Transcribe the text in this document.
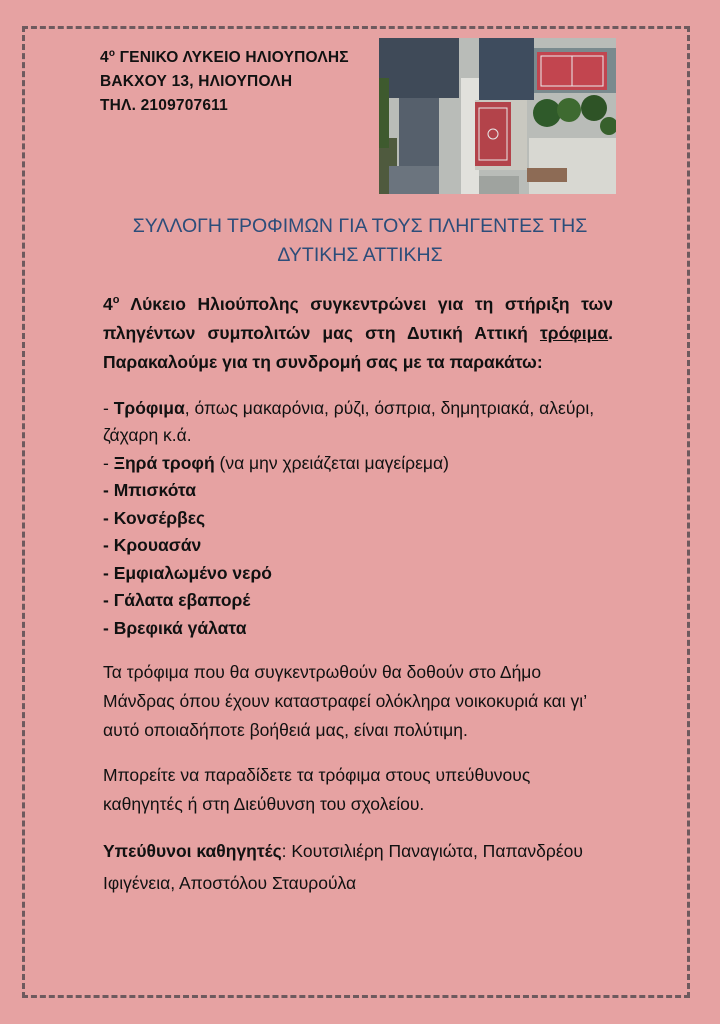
$4^o$ ΓΕΝΙΚΟ ΛΥΚΕΙΟ ΗΛΙΟΥΠΟΛΗΣ
ΒΑΚΧΟΥ 13, ΗΛΙΟΥΠΟΛΗ
ΤΗΛ. 2109707611
ΣΥΛΛΟΓΗ ΤΡΟΦΙΜΩΝ ΓΙΑ ΤΟΥΣ ΠΛΗΓΕΝΤΕΣ ΤΗΣ
ΔΥΤΙΚΗΣ ΑΤΤΙΚΗΣ

$4^o$ Λύκειο Ηλιούπολης συγκεντρώνει για τη στήριξη των πληγέντων συμπολιτών μας στη Δυτική Αττική τρόφιμα. Παρακαλούμε για τη συνδρομή σας με τα παρακάτω:

- Τρόφιμα, όπως μακαρόνια, ρύζι, όσπρια, δημητριακά, αλεύρι, ζάχαρη κ.ά.
- Ξηρά τροφή (να μην χρειάζεται μαγείρεμα)
- Μπισκότα
- Κονσέρβες
- Κρουασάν
- Εμφιαλωμένο νερό
- Γάλατα εβαπορέ
- Βρεφικά γάλατα

Τα τρόφιμα που θα συγκεντρωθούν θα δοθούν στο Δήμο Μάνδρας όπου έχουν καταστραφεί ολόκληρα νοικοκυριά και γι’ αυτό οποιαδήποτε βοήθειά μας, είναι πολύτιμη.

Μπορείτε να παραδίδετε τα τρόφιμα στους υπεύθυνους καθηγητές ή στη Διεύθυνση του σχολείου.

Υπεύθυνοι καθηγητές: Κουτσιλιέρη Παναγιώτα, Παπανδρέου Ιφιγένεια, Αποστόλου Σταυρούλα
